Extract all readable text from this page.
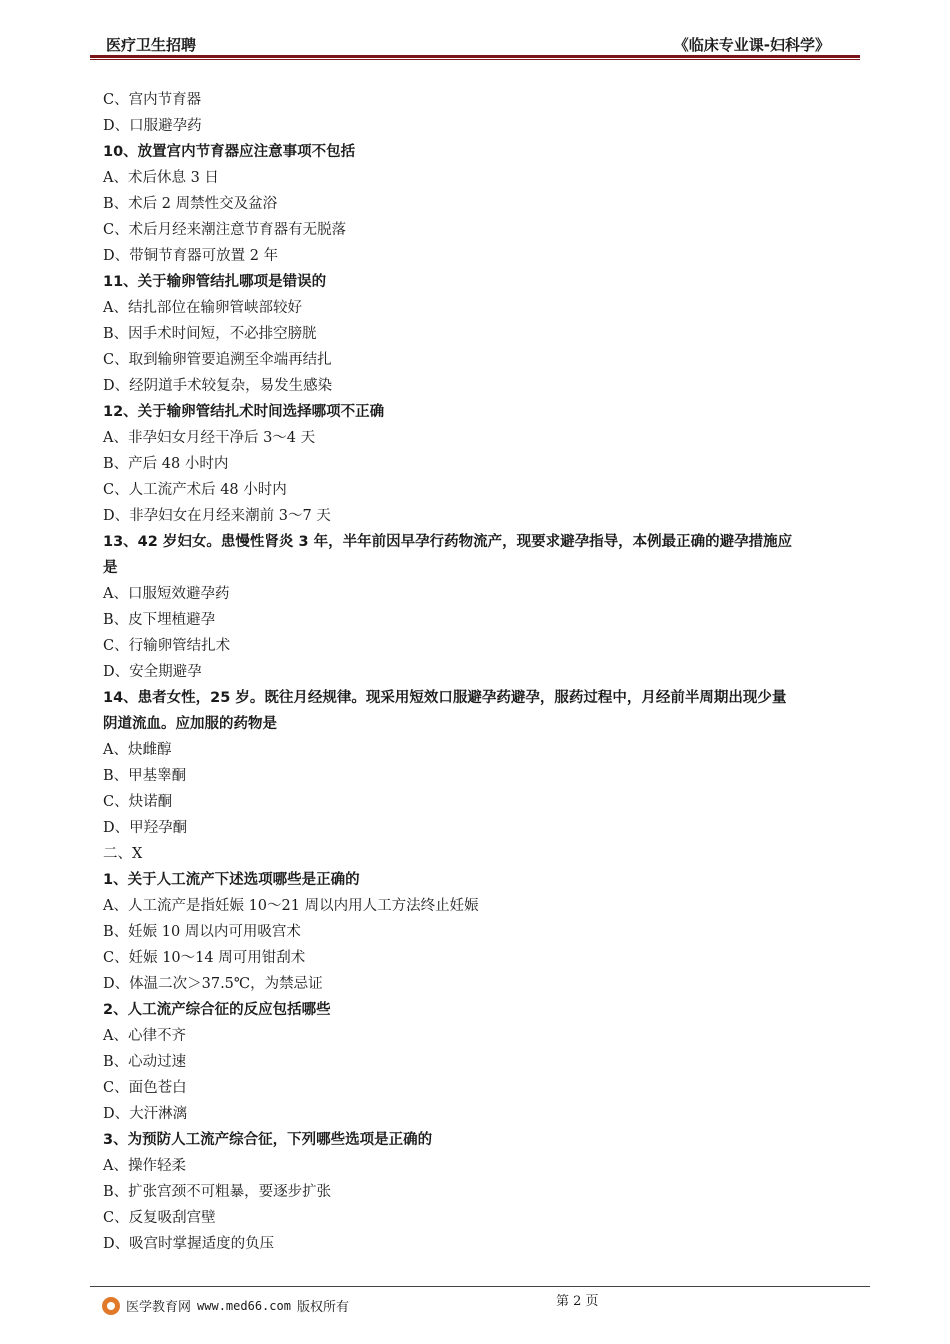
医疗卫生招聘	《临床专业课-妇科学》
C、宫内节育器
D、口服避孕药
10、放置宫内节育器应注意事项不包括
A、术后休息 3 日
B、术后 2 周禁性交及盆浴
C、术后月经来潮注意节育器有无脱落
D、带铜节育器可放置 2 年
11、关于输卵管结扎哪项是错误的
A、结扎部位在输卵管峡部较好
B、因手术时间短，不必排空膀胱
C、取到输卵管要追溯至伞端再结扎
D、经阴道手术较复杂，易发生感染
12、关于输卵管结扎术时间选择哪项不正确
A、非孕妇女月经干净后 3～4 天
B、产后 48 小时内
C、人工流产术后 48 小时内
D、非孕妇女在月经来潮前 3～7 天
13、42 岁妇女。患慢性肾炎 3 年，半年前因早孕行药物流产，现要求避孕指导，本例最正确的避孕措施应
是
A、口服短效避孕药
B、皮下埋植避孕
C、行输卵管结扎术
D、安全期避孕
14、患者女性，25 岁。既往月经规律。现采用短效口服避孕药避孕，服药过程中，月经前半周期出现少量
阴道流血。应加服的药物是
A、炔雌醇
B、甲基睾酮
C、炔诺酮
D、甲羟孕酮
二、X
1、关于人工流产下述选项哪些是正确的
A、人工流产是指妊娠 10～21 周以内用人工方法终止妊娠
B、妊娠 10 周以内可用吸宫术
C、妊娠 10～14 周可用钳刮术
D、体温二次＞37.5℃，为禁忌证
2、人工流产综合征的反应包括哪些
A、心律不齐
B、心动过速
C、面色苍白
D、大汗淋漓
3、为预防人工流产综合征，下列哪些选项是正确的
A、操作轻柔
B、扩张宫颈不可粗暴，要逐步扩张
C、反复吸刮宫壁
D、吸宫时掌握适度的负压
第 2 页
医学教育网 www.med66.com 版权所有
